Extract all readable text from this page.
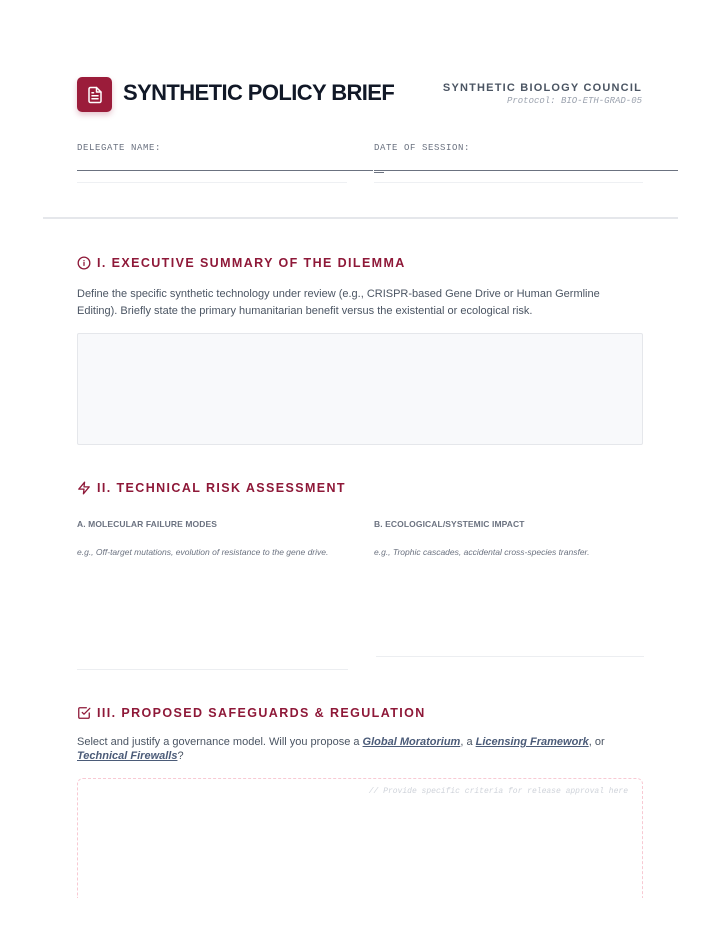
SYNTHETIC POLICY BRIEF	SYNTHETIC BIOLOGY COUNCIL
Protocol: BIO-ETH-GRAD-05
DELEGATE NAME:	DATE OF SESSION:
I. EXECUTIVE SUMMARY OF THE DILEMMA
Define the specific synthetic technology under review (e.g., CRISPR-based Gene Drive or Human Germline Editing). Briefly state the primary humanitarian benefit versus the existential or ecological risk.
II. TECHNICAL RISK ASSESSMENT
A. MOLECULAR FAILURE MODES
e.g., Off-target mutations, evolution of resistance to the gene drive.
B. ECOLOGICAL/SYSTEMIC IMPACT
e.g., Trophic cascades, accidental cross-species transfer.
III. PROPOSED SAFEGUARDS & REGULATION
Select and justify a governance model. Will you propose a Global Moratorium, a Licensing Framework, or Technical Firewalls?
// Provide specific criteria for release approval here
